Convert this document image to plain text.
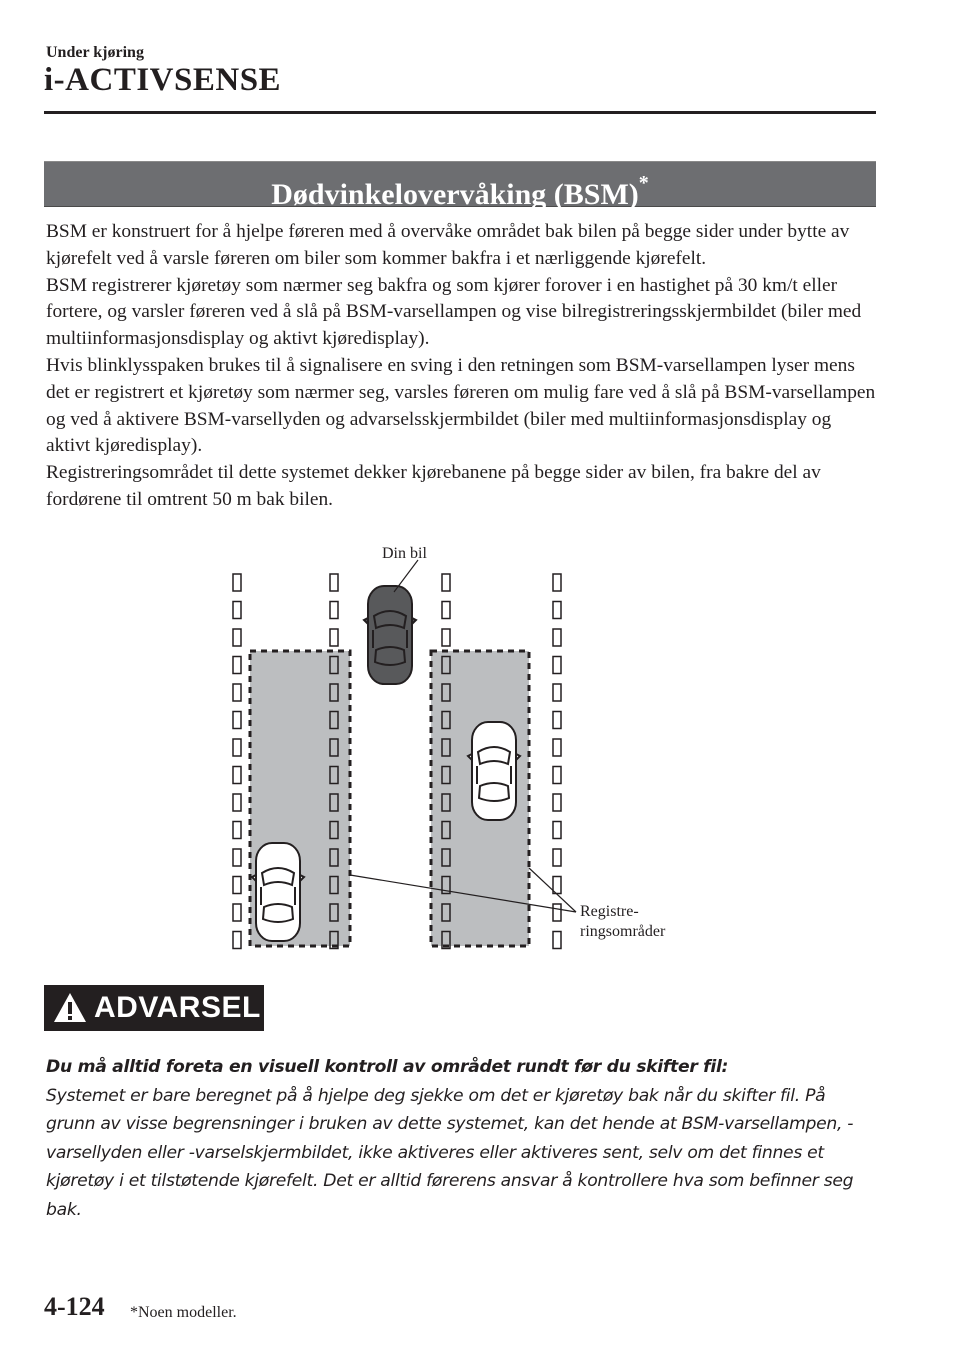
Under kjøring
i-ACTIVSENSE
Dødvinkelovervåking (BSM)*

BSM er konstruert for å hjelpe føreren med å overvåke området bak bilen på begge sider under bytte av kjørefelt ved å varsle føreren om biler som kommer bakfra i et nærliggende kjørefelt.

BSM registrerer kjøretøy som nærmer seg bakfra og som kjører forover i en hastighet på 30 km/t eller fortere, og varsler føreren ved å slå på BSM-varsellampen og vise bilregistreringsskjermbildet (biler med multiinformasjonsdisplay og aktivt kjøredisplay).

Hvis blinklysspaken brukes til å signalisere en sving i den retningen som BSM-varsellampen lyser mens det er registrert et kjøretøy som nærmer seg, varsles føreren om mulig fare ved å slå på BSM-varsellampen og ved å aktivere BSM-varsellyden og advarselsskjermbildet (biler med multiinformasjonsdisplay og aktivt kjøredisplay).

Registreringsområdet til dette systemet dekker kjørebanene på begge sider av bilen, fra bakre del av fordørene til omtrent 50 m bak bilen.

Din bil
Registre-
ringsområder
ADVARSEL

Du må alltid foreta en visuell kontroll av området rundt før du skifter fil:

Systemet er bare beregnet på å hjelpe deg sjekke om det er kjøretøy bak når du skifter fil. På grunn av visse begrensninger i bruken av dette systemet, kan det hende at BSM-varsellampen, -varsellyden eller -varselskjermbildet, ikke aktiveres eller aktiveres sent, selv om det finnes et kjøretøy i et tilstøtende kjørefelt. Det er alltid førerens ansvar å kontrollere hva som befinner seg bak.

4-124 *Noen modeller.
